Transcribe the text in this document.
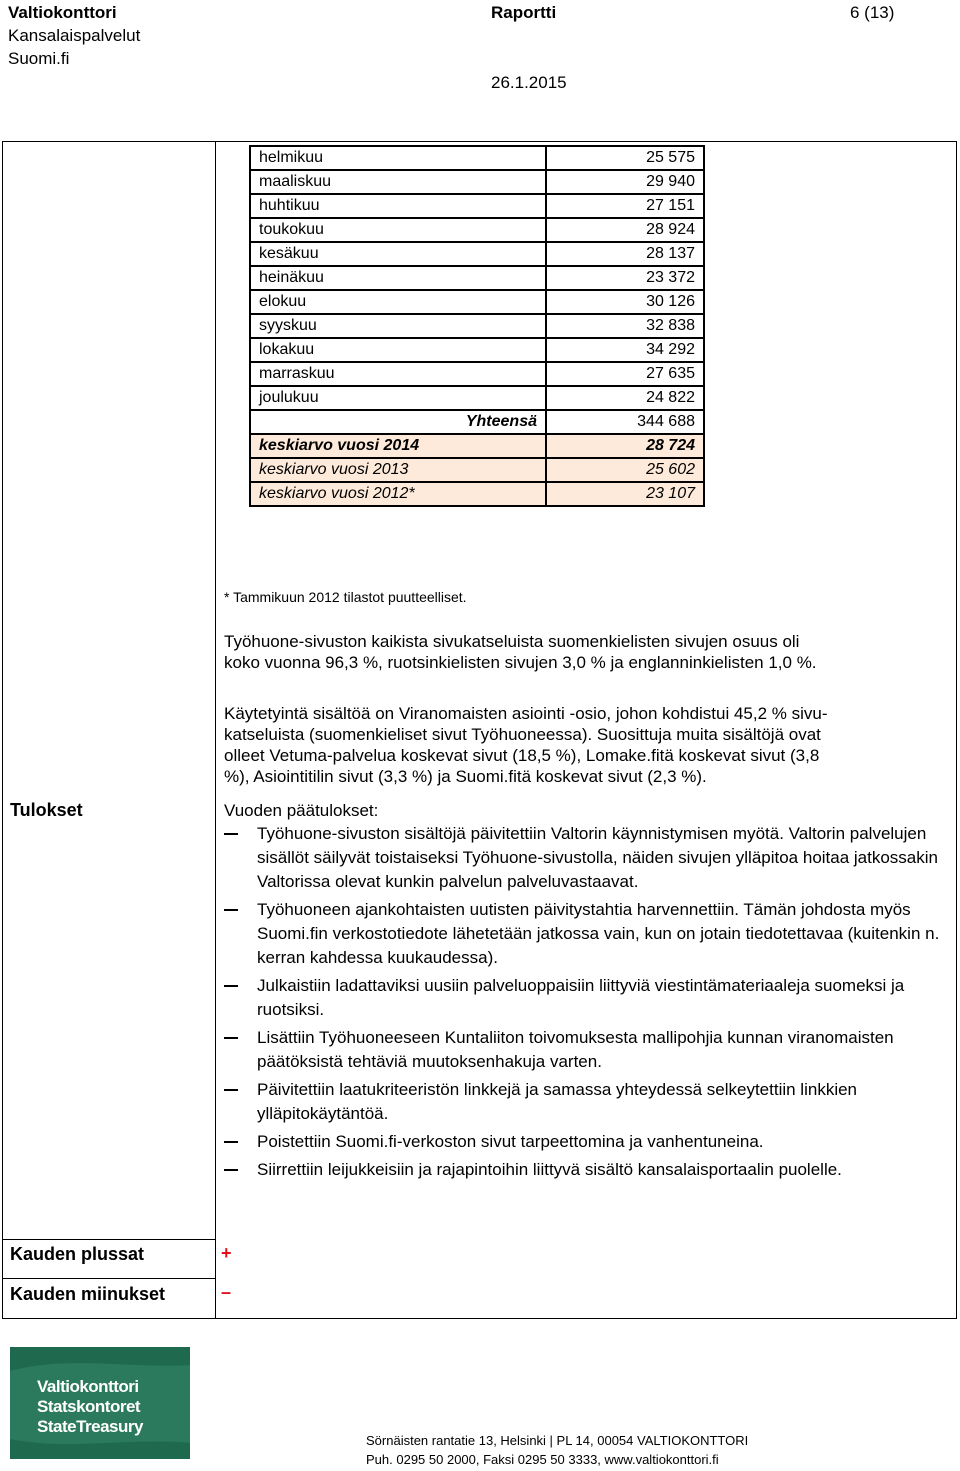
Valtiokonttori
Kansalaispalvelut
Suomi.fi
Raportti	6 (13)
26.1.2015
helmikuu	25 575
maaliskuu	29 940
huhtikuu	27 151
toukokuu	28 924
kesäkuu	28 137
heinäkuu	23 372
elokuu	30 126
syyskuu	32 838
lokakuu	34 292
marraskuu	27 635
joulukuu	24 822
Yhteensä	344 688
keskiarvo vuosi 2014	28 724
keskiarvo vuosi 2013	25 602
keskiarvo vuosi 2012*	23 107
* Tammikuun 2012 tilastot puutteelliset.

Työhuone-sivuston kaikista sivukatseluista suomenkielisten sivujen osuus oli

koko vuonna 96,3 %, ruotsinkielisten sivujen 3,0 % ja englanninkielisten 1,0 %.

Käytetyintä sisältöä on Viranomaisten asiointi -osio, johon kohdistui 45,2 % sivu-

katseluista (suomenkieliset sivut Työhuoneessa). Suosittuja muita sisältöjä ovat

olleet Vetuma-palvelua koskevat sivut (18,5 %), Lomake.fitä koskevat sivut (3,8

%), Asiointitilin sivut (3,3 %) ja Suomi.fitä koskevat sivut (2,3 %).

Vuoden päätulokset:
Työhuone-sivuston sisältöjä päivitettiin Valtorin käynnistymisen myötä. Valtorin palvelujen sisällöt säilyvät toistaiseksi Työhuone-sivustolla, näiden sivujen ylläpitoa hoitaa jatkossakin Valtorissa olevat kunkin palvelun palveluvastaavat.
Työhuoneen ajankohtaisten uutisten päivitystahtia harvennettiin. Tämän johdosta myös Suomi.fin verkostotiedote lähetetään jatkossa vain, kun on jotain tiedotettavaa (kuitenkin n. kerran kahdessa kuukaudessa).
Julkaistiin ladattaviksi uusiin palveluoppaisiin liittyviä viestintämateriaaleja suomeksi ja ruotsiksi.
Lisättiin Työhuoneeseen Kuntaliiton toivomuksesta mallipohjia kunnan viranomaisten päätöksistä tehtäviä muutoksenhakuja varten.
Päivitettiin laatukriteeristön linkkejä ja samassa yhteydessä selkeytettiin linkkien ylläpitokäytäntöä.
Poistettiin Suomi.fi-verkoston sivut tarpeettomina ja vanhentuneina.
Siirrettiin leijukkeisiin ja rajapintoihin liittyvä sisältö kansalaisportaalin puolelle.
Tulokset
Kauden plussat	+
Kauden miinukset	–
Valtiokonttori
Statskontoret
StateTreasury
Sörnäisten rantatie 13, Helsinki | PL 14, 00054 VALTIOKONTTORI
Puh. 0295 50 2000, Faksi 0295 50 3333, www.valtiokonttori.fi
